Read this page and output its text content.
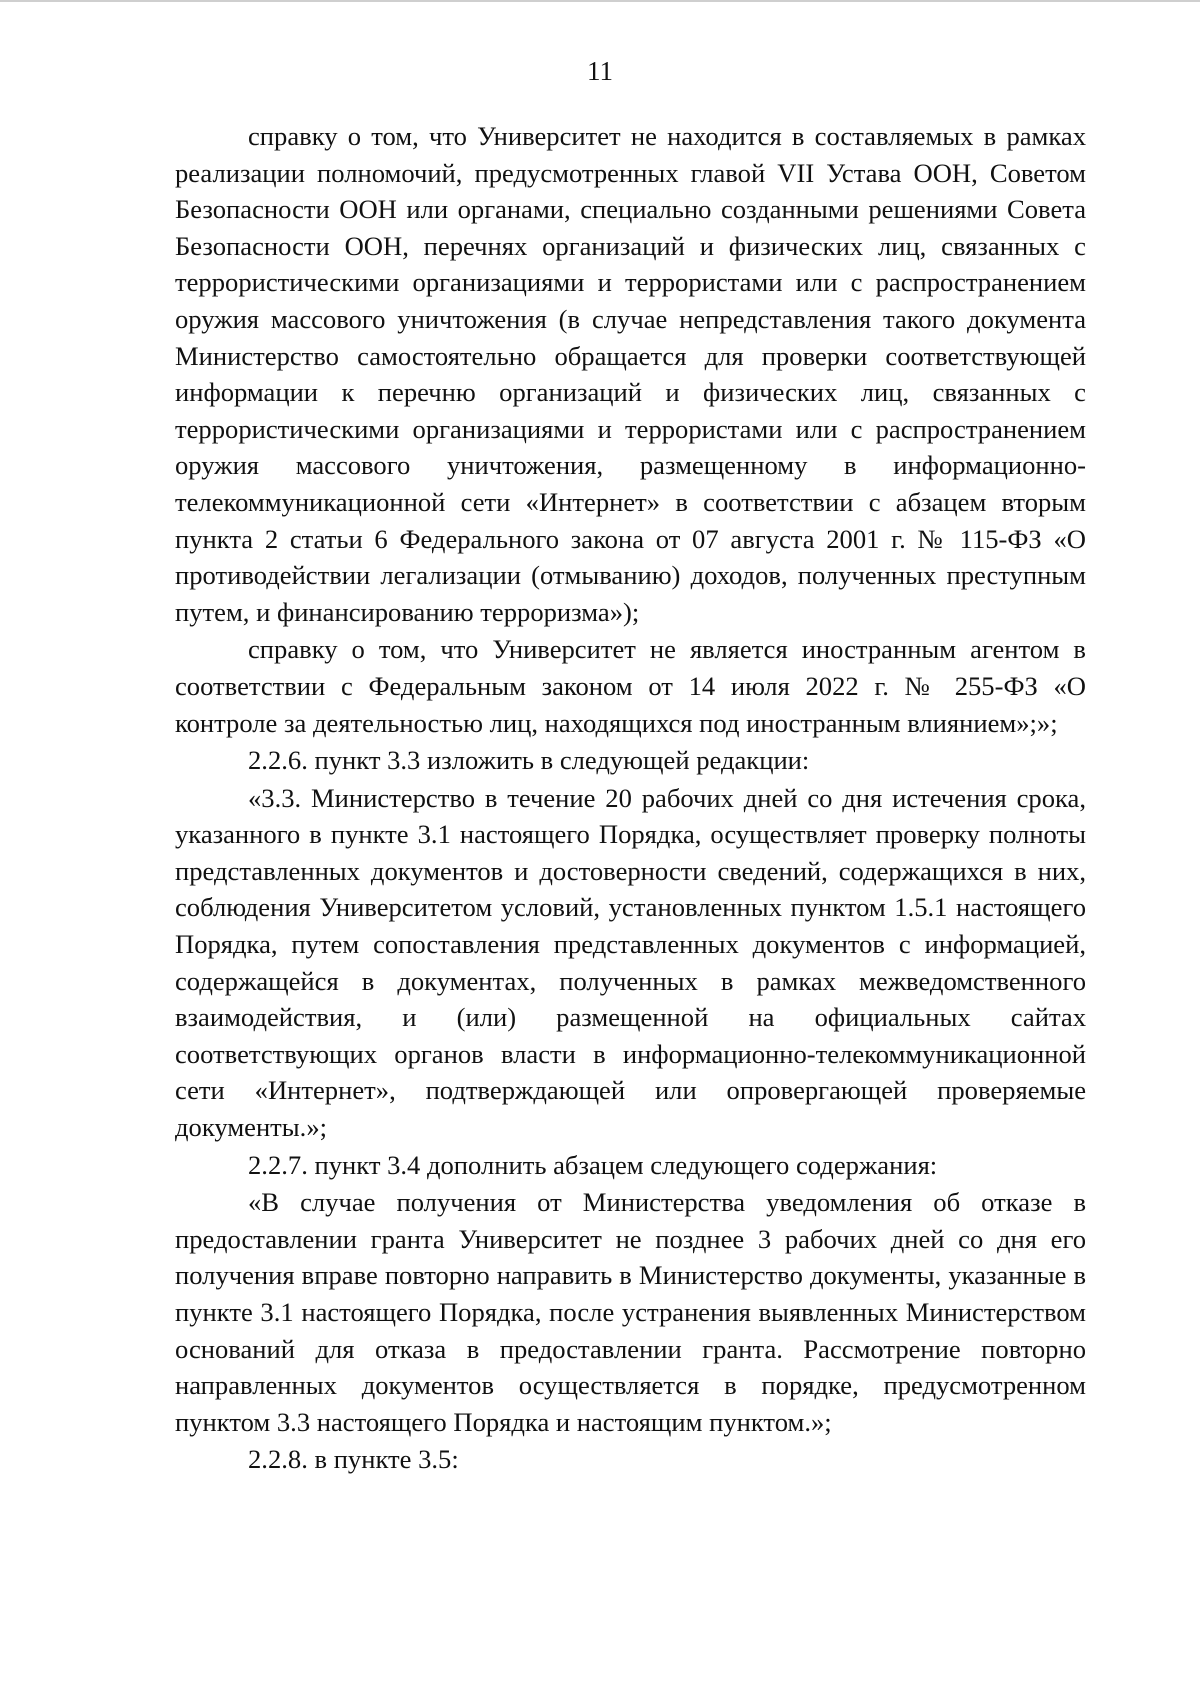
11

справку о том, что Университет не находится в составляемых в рамках реализации полномочий, предусмотренных главой VII Устава ООН, Советом Безопасности ООН или органами, специально созданными решениями Совета Безопасности ООН, перечнях организаций и физических лиц, связанных с террористическими организациями и террористами или с распространением оружия массового уничтожения (в случае непредставления такого документа Министерство самостоятельно обращается для проверки соответствующей информации к перечню организаций и физических лиц, связанных с террористическими организациями и террористами или с распространением оружия массового уничтожения, размещенному в информационно-телекоммуникационной сети «Интернет» в соответствии с абзацем вторым пункта 2 статьи 6 Федерального закона от 07 августа 2001 г. № 115-ФЗ «О противодействии легализации (отмыванию) доходов, полученных преступным путем, и финансированию терроризма»);

справку о том, что Университет не является иностранным агентом в соответствии с Федеральным законом от 14 июля 2022 г. № 255-ФЗ «О контроле за деятельностью лиц, находящихся под иностранным влиянием»;»;

2.2.6. пункт 3.3 изложить в следующей редакции:

«3.3. Министерство в течение 20 рабочих дней со дня истечения срока, указанного в пункте 3.1 настоящего Порядка, осуществляет проверку полноты представленных документов и достоверности сведений, содержащихся в них, соблюдения Университетом условий, установленных пунктом 1.5.1 настоящего Порядка, путем сопоставления представленных документов с информацией, содержащейся в документах, полученных в рамках межведомственного взаимодействия, и (или) размещенной на официальных сайтах соответствующих органов власти в информационно-телекоммуникационной сети «Интернет», подтверждающей или опровергающей проверяемые документы.»;

2.2.7. пункт 3.4 дополнить абзацем следующего содержания:

«В случае получения от Министерства уведомления об отказе в предоставлении гранта Университет не позднее 3 рабочих дней со дня его получения вправе повторно направить в Министерство документы, указанные в пункте 3.1 настоящего Порядка, после устранения выявленных Министерством оснований для отказа в предоставлении гранта. Рассмотрение повторно направленных документов осуществляется в порядке, предусмотренном пунктом 3.3 настоящего Порядка и настоящим пунктом.»;

2.2.8. в пункте 3.5:
